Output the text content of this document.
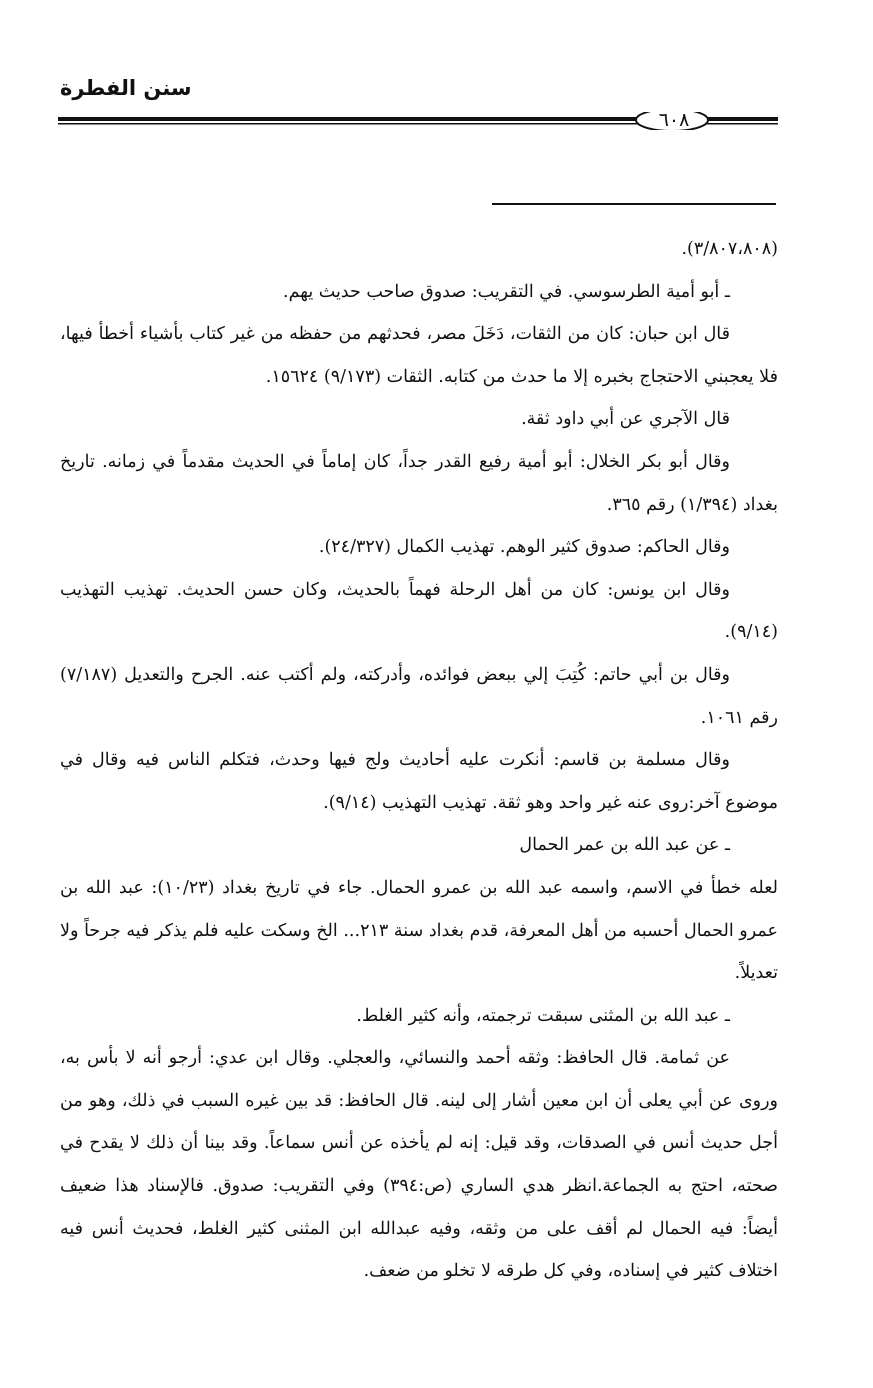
سنن الفطرة
٦٠٨

(٣/٨٠٧،٨٠٨).

ـ أبو أمية الطرسوسي. في التقريب: صدوق صاحب حديث يهم.

قال ابن حبان: كان من الثقات، دَخَلَ مصر، فحدثهم من حفظه من غير كتاب بأشياء أخطأ فيها، فلا يعجبني الاحتجاج بخبره إلا ما حدث من كتابه. الثقات (٩/١٧٣) ١٥٦٢٤.

قال الآجري عن أبي داود ثقة.

وقال أبو بكر الخلال: أبو أمية رفيع القدر جداً، كان إماماً في الحديث مقدماً في زمانه. تاريخ بغداد (١/٣٩٤) رقم ٣٦٥.

وقال الحاكم: صدوق كثير الوهم. تهذيب الكمال (٢٤/٣٢٧).

وقال ابن يونس: كان من أهل الرحلة فهماً بالحديث، وكان حسن الحديث. تهذيب التهذيب (٩/١٤).

وقال بن أبي حاتم: كُتِبَ إلي ببعض فوائده، وأدركته، ولم أكتب عنه. الجرح والتعديل (٧/١٨٧) رقم ١٠٦١.

وقال مسلمة بن قاسم: أنكرت عليه أحاديث ولج فيها وحدث، فتكلم الناس فيه وقال في موضوع آخر:روى عنه غير واحد وهو ثقة. تهذيب التهذيب (٩/١٤).

ـ عن عبد الله بن عمر الحمال

لعله خطأ في الاسم، واسمه عبد الله بن عمرو الحمال. جاء في تاريخ بغداد (١٠/٢٣): عبد الله بن عمرو الحمال أحسبه من أهل المعرفة، قدم بغداد سنة ٢١٣... الخ وسكت عليه فلم يذكر فيه جرحاً ولا تعديلاً.

ـ عبد الله بن المثنى سبقت ترجمته، وأنه كثير الغلط.

عن ثمامة. قال الحافظ: وثقه أحمد والنسائي، والعجلي. وقال ابن عدي: أرجو أنه لا بأس به، وروى عن أبي يعلى أن ابن معين أشار إلى لينه. قال الحافظ: قد بين غيره السبب في ذلك، وهو من أجل حديث أنس في الصدقات، وقد قيل: إنه لم يأخذه عن أنس سماعاً. وقد بينا أن ذلك لا يقدح في صحته، احتج به الجماعة.انظر هدي الساري (ص:٣٩٤) وفي التقريب: صدوق. فالإسناد هذا ضعيف أيضاً: فيه الحمال لم أقف على من وثقه، وفيه عبدالله ابن المثنى كثير الغلط، فحديث أنس فيه اختلاف كثير في إسناده، وفي كل طرقه لا تخلو من ضعف.
